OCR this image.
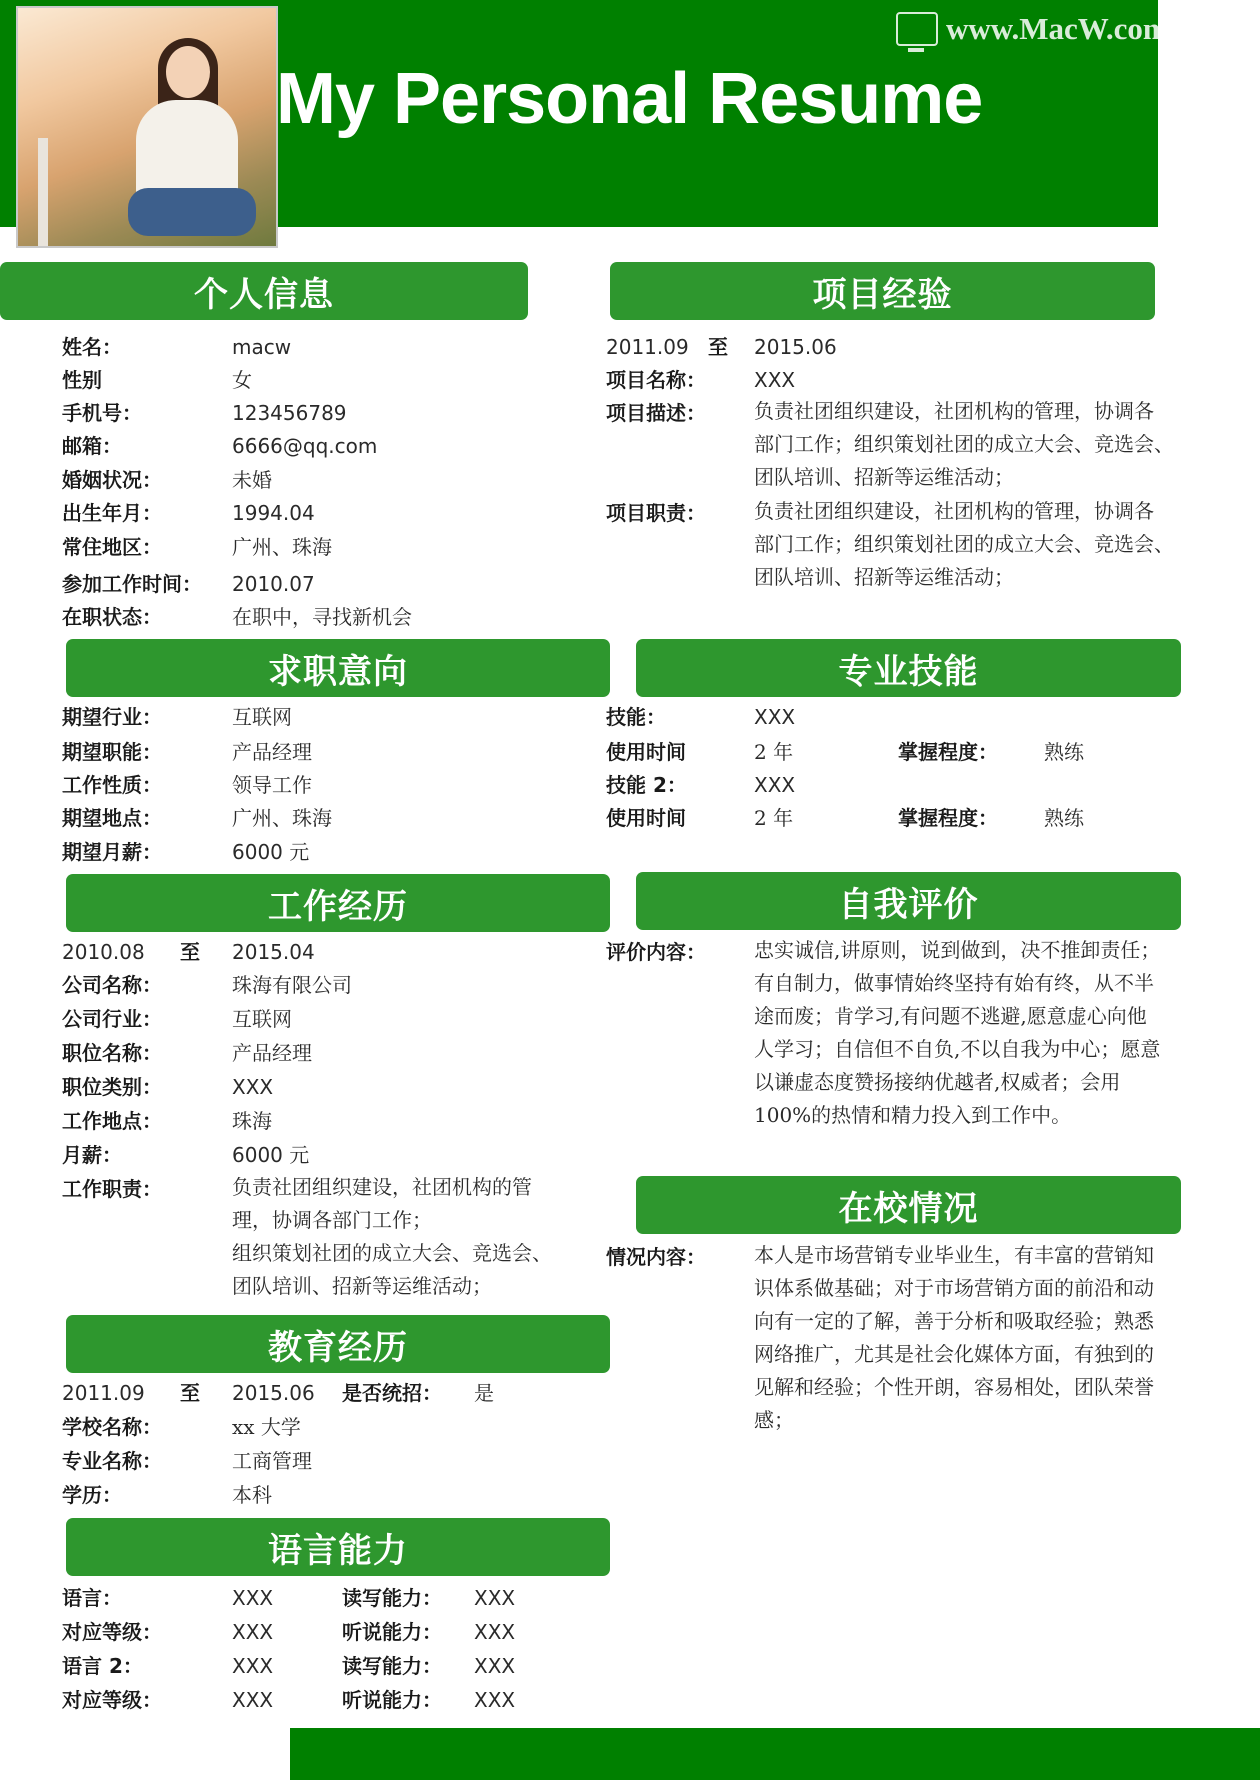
My Personal Resume
www.MacW.com
个人信息
姓名：	macw
性别	女
手机号：	123456789
邮箱：	6666@qq.com
婚姻状况：	未婚
出生年月：	1994.04
常住地区：	广州、珠海
参加工作时间： 2010.07
在职状态：	在职中，寻找新机会
项目经验
2011.09 至 2015.06
项目名称： XXX
项目描述： 负责社团组织建设，社团机构的管理，协调各
部门工作；组织策划社团的成立大会、竞选会、
团队培训、招新等运维活动；
项目职责： 负责社团组织建设，社团机构的管理，协调各
部门工作；组织策划社团的成立大会、竞选会、
团队培训、招新等运维活动；
求职意向
期望行业：	互联网
期望职能：	产品经理
工作性质：	领导工作
期望地点：	广州、珠海
期望月薪：	6000 元
专业技能
技能：	XXX
使用时间	2 年	掌握程度： 熟练
技能 2：	XXX
使用时间	2 年	掌握程度： 熟练
工作经历
2010.08 至 2015.04
公司名称：	珠海有限公司
公司行业：	互联网
职位名称：	产品经理
职位类别：	XXX
工作地点：	珠海
月薪：	6000 元
工作职责：	负责社团组织建设，社团机构的管
理，协调各部门工作；
组织策划社团的成立大会、竞选会、
团队培训、招新等运维活动；
自我评价
评价内容： 忠实诚信,讲原则，说到做到，决不推卸责任；
有自制力，做事情始终坚持有始有终，从不半
途而废；肯学习,有问题不逃避,愿意虚心向他
人学习；自信但不自负,不以自我为中心；愿意
以谦虚态度赞扬接纳优越者,权威者；会用
100%的热情和精力投入到工作中。
教育经历
2011.09 至 2015.06 是否统招： 是
学校名称：	xx 大学
专业名称：	工商管理
学历：	本科
在校情况
情况内容： 本人是市场营销专业毕业生，有丰富的营销知
识体系做基础；对于市场营销方面的前沿和动
向有一定的了解，善于分析和吸取经验；熟悉
网络推广，尤其是社会化媒体方面，有独到的
见解和经验；个性开朗，容易相处，团队荣誉
感；
语言能力
语言：	XXX	读写能力： XXX
对应等级：	XXX	听说能力： XXX
语言 2：	XXX	读写能力： XXX
对应等级：	XXX	听说能力： XXX
